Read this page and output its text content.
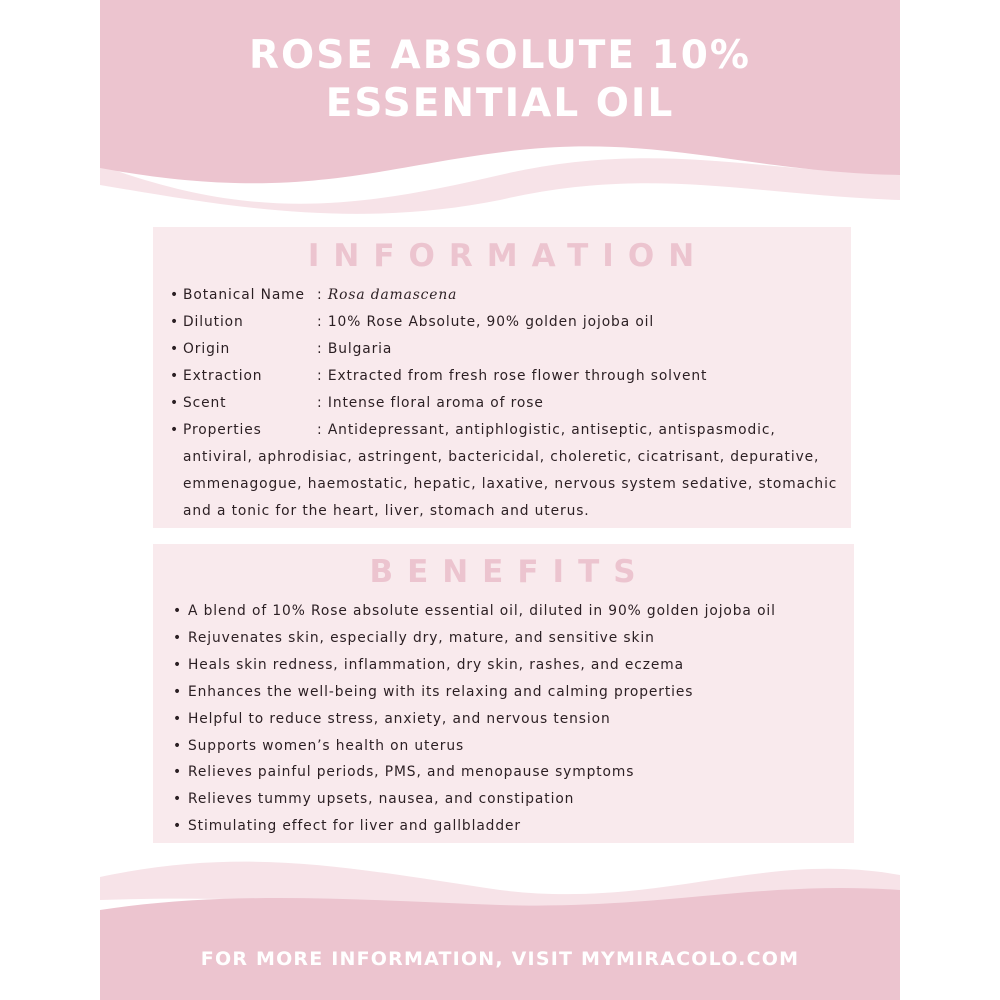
ROSE ABSOLUTE 10%
ESSENTIAL OIL
INFORMATION
• Botanical Name : Rosa damascena
• Dilution	: 10% Rose Absolute, 90% golden jojoba oil
• Origin	: Bulgaria
• Extraction	: Extracted from fresh rose flower through solvent
• Scent	: Intense floral aroma of rose
• Properties	: Antidepressant, antiphlogistic, antiseptic, antispasmodic,
antiviral, aphrodisiac, astringent, bactericidal, choleretic, cicatrisant, depurative,
emmenagogue, haemostatic, hepatic, laxative, nervous system sedative, stomachic
and a tonic for the heart, liver, stomach and uterus.
BENEFITS
• A blend of 10% Rose absolute essential oil, diluted in 90% golden jojoba oil
• Rejuvenates skin, especially dry, mature, and sensitive skin
• Heals skin redness, inflammation, dry skin, rashes, and eczema
• Enhances the well-being with its relaxing and calming properties
• Helpful to reduce stress, anxiety, and nervous tension
• Supports women’s health on uterus
• Relieves painful periods, PMS, and menopause symptoms
• Relieves tummy upsets, nausea, and constipation
• Stimulating effect for liver and gallbladder

FOR MORE INFORMATION, VISIT MYMIRACOLO.COM
